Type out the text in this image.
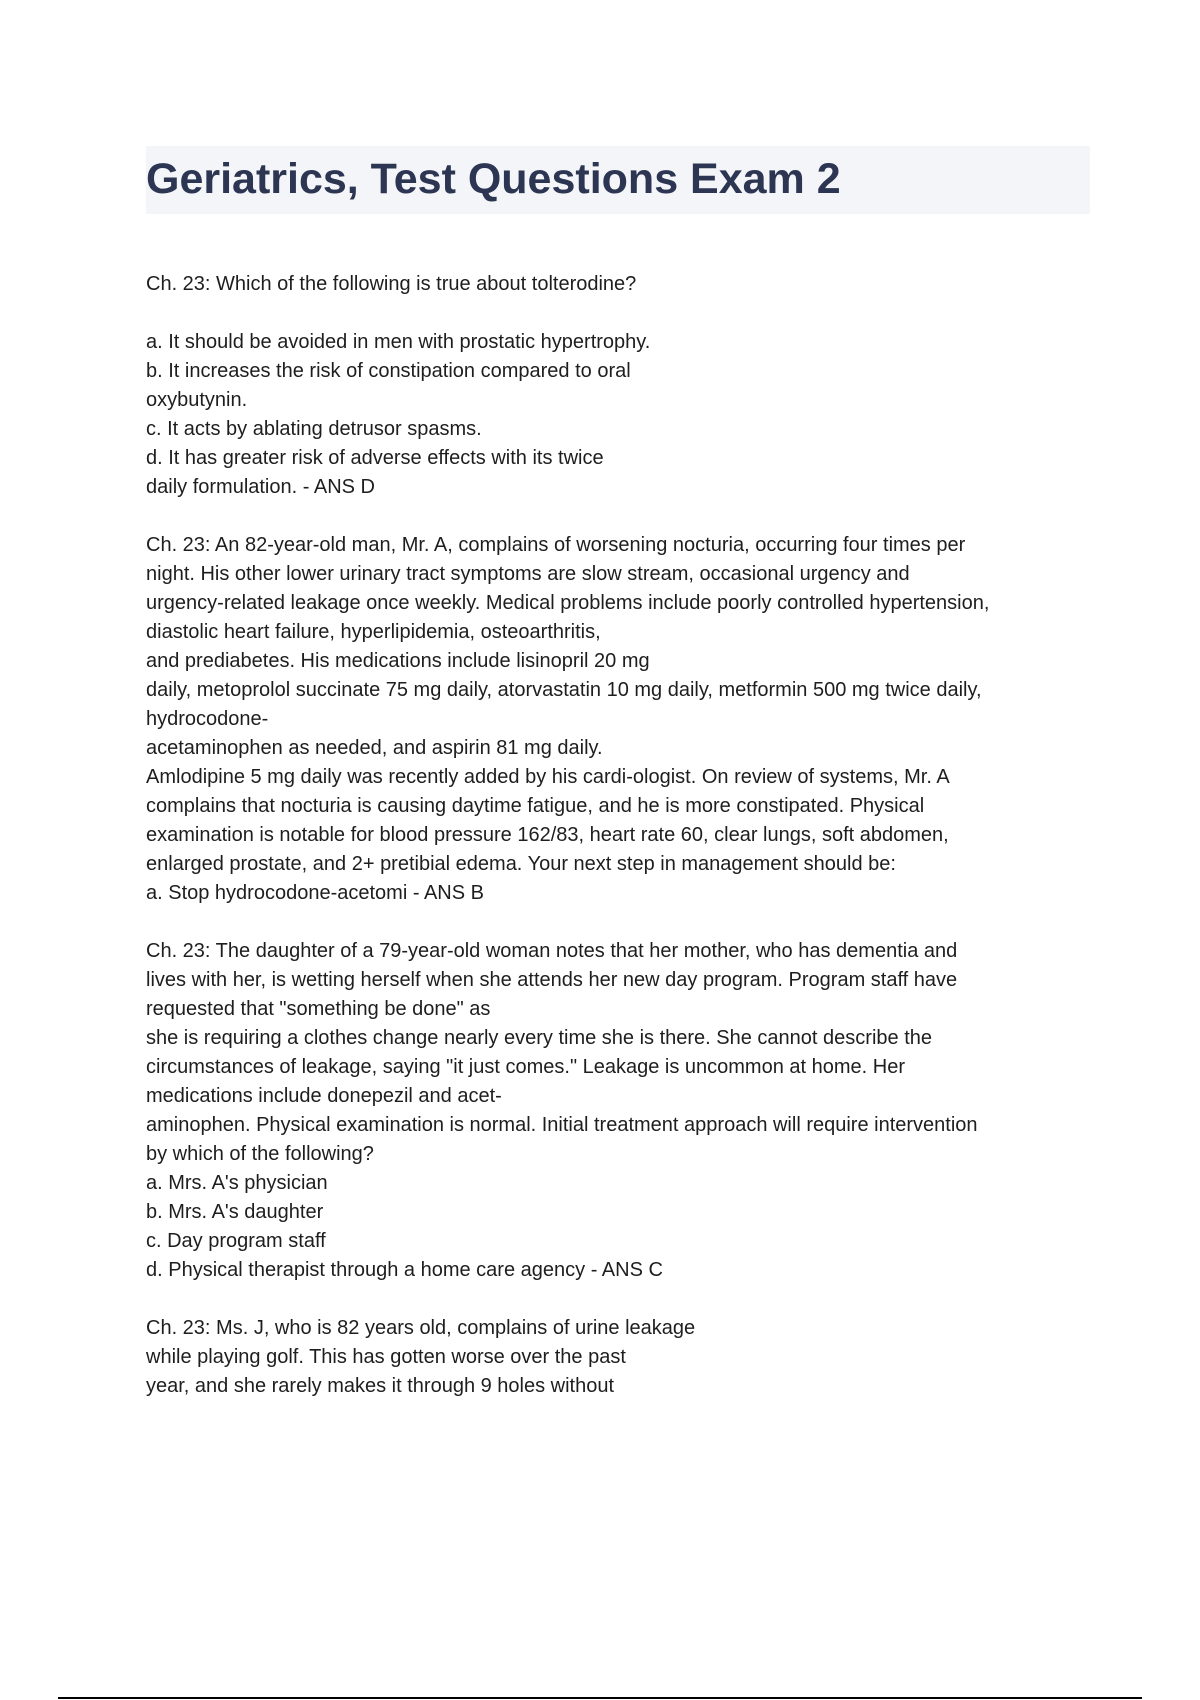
Geriatrics, Test Questions Exam 2
Ch. 23: Which of the following is true about tolterodine?
a. It should be avoided in men with prostatic hypertrophy.
b. It increases the risk of constipation compared to oral
oxybutynin.
c. It acts by ablating detrusor spasms.
d. It has greater risk of adverse effects with its twice
daily formulation. - ANS D
Ch. 23: An 82-year-old man, Mr. A, complains of worsening nocturia, occurring four times per
night. His other lower urinary tract symptoms are slow stream, occasional urgency and
urgency-related leakage once weekly. Medical problems include poorly controlled hypertension,
diastolic heart failure, hyperlipidemia, osteoarthritis,
and prediabetes. His medications include lisinopril 20 mg
daily, metoprolol succinate 75 mg daily, atorvastatin 10 mg daily, metformin 500 mg twice daily,
hydrocodone-
acetaminophen as needed, and aspirin 81 mg daily.
Amlodipine 5 mg daily was recently added by his cardi-ologist. On review of systems, Mr. A
complains that nocturia is causing daytime fatigue, and he is more constipated. Physical
examination is notable for blood pressure 162/83, heart rate 60, clear lungs, soft abdomen,
enlarged prostate, and 2+ pretibial edema. Your next step in management should be:
a. Stop hydrocodone-acetomi - ANS B
Ch. 23: The daughter of a 79-year-old woman notes that her mother, who has dementia and
lives with her, is wetting herself when she attends her new day program. Program staff have
requested that "something be done" as
she is requiring a clothes change nearly every time she is there. She cannot describe the
circumstances of leakage, saying "it just comes." Leakage is uncommon at home. Her
medications include donepezil and acet-
aminophen. Physical examination is normal. Initial treatment approach will require intervention
by which of the following?
a. Mrs. A's physician
b. Mrs. A's daughter
c. Day program staff
d. Physical therapist through a home care agency - ANS C
Ch. 23: Ms. J, who is 82 years old, complains of urine leakage
while playing golf. This has gotten worse over the past
year, and she rarely makes it through 9 holes without
